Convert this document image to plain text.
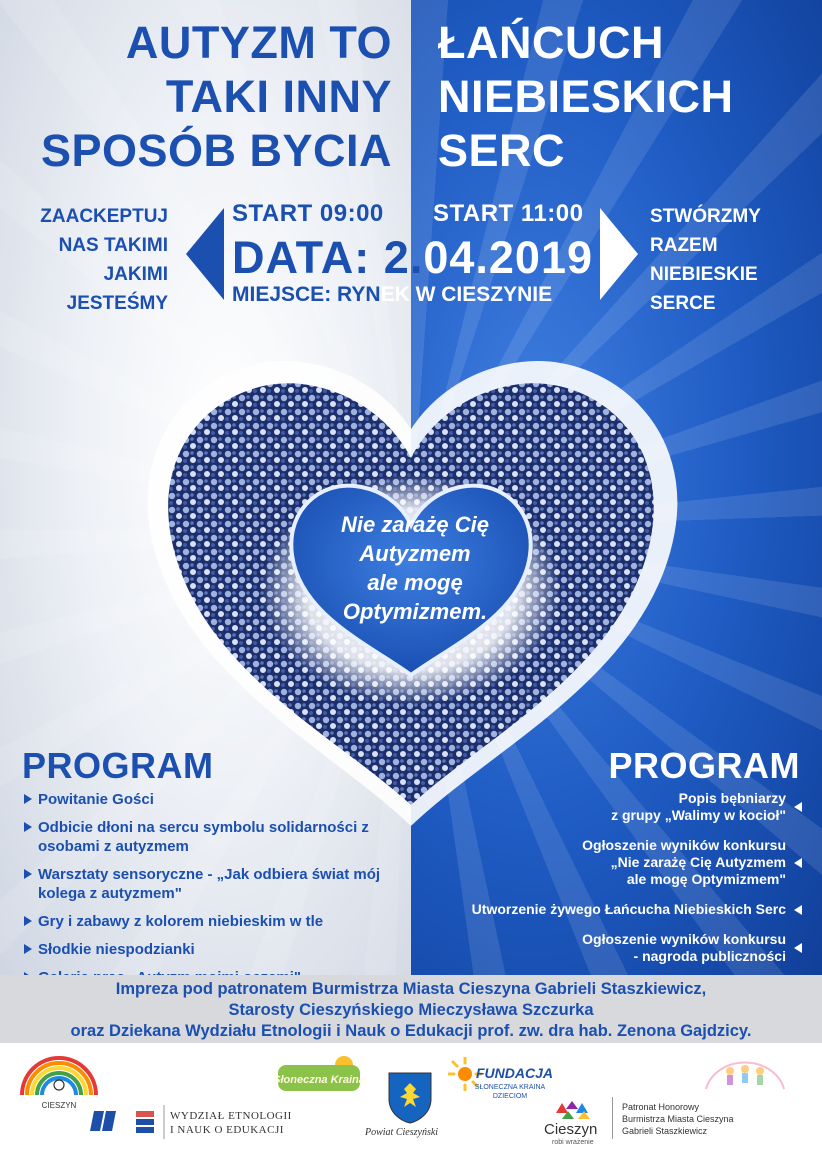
AUTYZM TO
TAKI INNY
SPOSÓB BYCIA
ŁAŃCUCH
NIEBIESKICH
SERC
ZAACKEPTUJ
NAS TAKIMI
JAKIMI
JESTEŚMY
STWÓRZMY
RAZEM
NIEBIESKIE
SERCE
START 09:00 START 11:00
DATA: 2.04.2019
MIEJSCE: RYNEK W CIESZYNIE
Nie zarażę Cię
Autyzmem
ale mogę
Optymizmem.
PROGRAM	PROGRAM
Powitanie Gości
Odbicie dłoni na sercu symbolu solidarności z osobami z autyzmem
Warsztaty sensoryczne - „Jak odbiera świat mój kolega z autyzmem"
Gry i zabawy z kolorem niebieskim w tle
Słodkie niespodzianki
Popis bębniarzy
z grupy „Walimy w kocioł"
Ogłoszenie wyników konkursu
„Nie zarażę Cię Autyzmem
ale mogę Optymizmem"
Utworzenie żywego Łańcucha Niebieskich Serc
Ogłoszenie wyników konkursu
- nagroda publiczności
Impreza pod patronatem Burmistrza Miasta Cieszyna Gabrieli Staszkiewicz,
Starosty Cieszyńskiego Mieczysława Szczurka
oraz Dziekana Wydziału Etnologii i Nauk o Edukacji prof. zw. dra hab. Zenona Gajdzicy.
CIESZYN
Słoneczna Kraina
WYDZIAŁ ETNOLOGII
I NAUK O EDUKACJI	Powiat Cieszyński
FUNDACJA
SŁONECZNA KRAINA
DZIECIOM
Cieszyn
robi wrażenie
Patronat Honorowy
Burmistrza Miasta Cieszyna
Gabrieli Staszkiewicz
